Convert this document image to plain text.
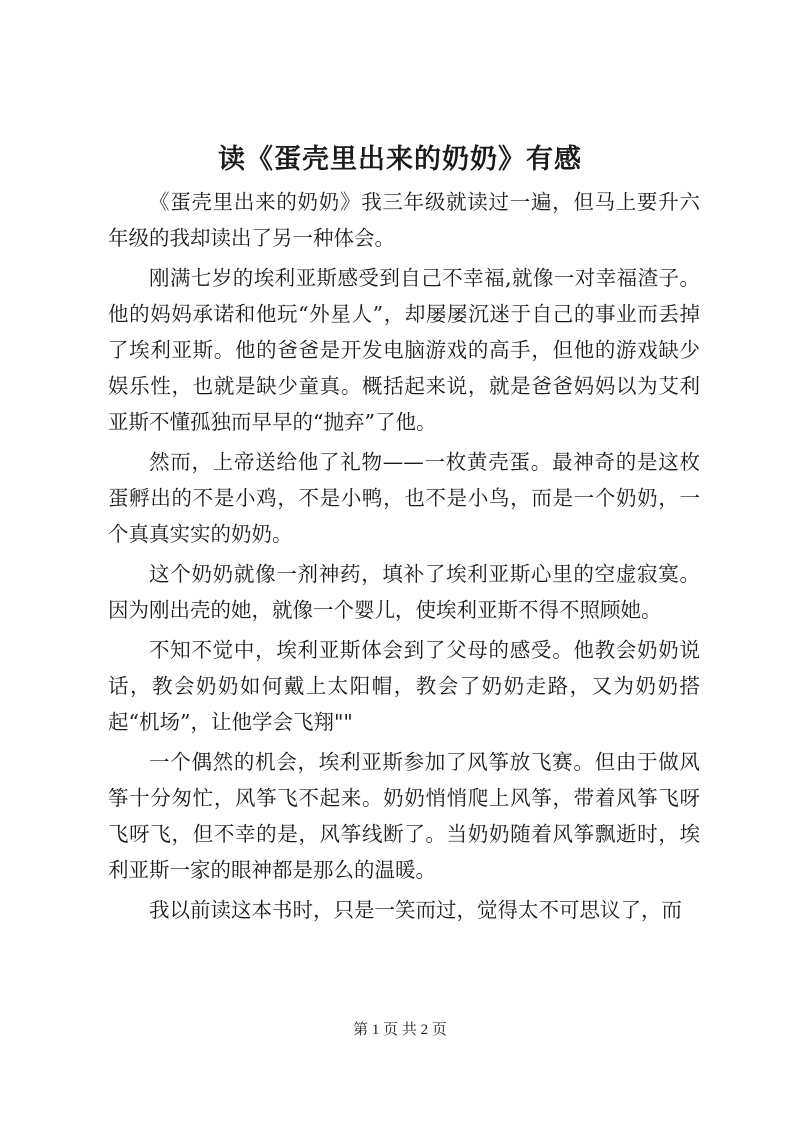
读《蛋壳里出来的奶奶》有感

《蛋壳里出来的奶奶》我三年级就读过一遍，但马上要升六年级的我却读出了另一种体会。

刚满七岁的埃利亚斯感受到自己不幸福,就像一对幸福渣子。他的妈妈承诺和他玩“外星人”，却屡屡沉迷于自己的事业而丢掉了埃利亚斯。他的爸爸是开发电脑游戏的高手，但他的游戏缺少娱乐性，也就是缺少童真。概括起来说，就是爸爸妈妈以为艾利亚斯不懂孤独而早早的“抛弃”了他。

然而，上帝送给他了礼物——一枚黄壳蛋。最神奇的是这枚蛋孵出的不是小鸡，不是小鸭，也不是小鸟，而是一个奶奶，一个真真实实的奶奶。

这个奶奶就像一剂神药，填补了埃利亚斯心里的空虚寂寞。因为刚出壳的她，就像一个婴儿，使埃利亚斯不得不照顾她。

不知不觉中，埃利亚斯体会到了父母的感受。他教会奶奶说话，教会奶奶如何戴上太阳帽，教会了奶奶走路，又为奶奶搭起“机场”，让他学会飞翔""

一个偶然的机会，埃利亚斯参加了风筝放飞赛。但由于做风筝十分匆忙，风筝飞不起来。奶奶悄悄爬上风筝，带着风筝飞呀飞呀飞，但不幸的是，风筝线断了。当奶奶随着风筝飘逝时，埃利亚斯一家的眼神都是那么的温暖。

我以前读这本书时，只是一笑而过，觉得太不可思议了，而

第 1 页 共 2 页
